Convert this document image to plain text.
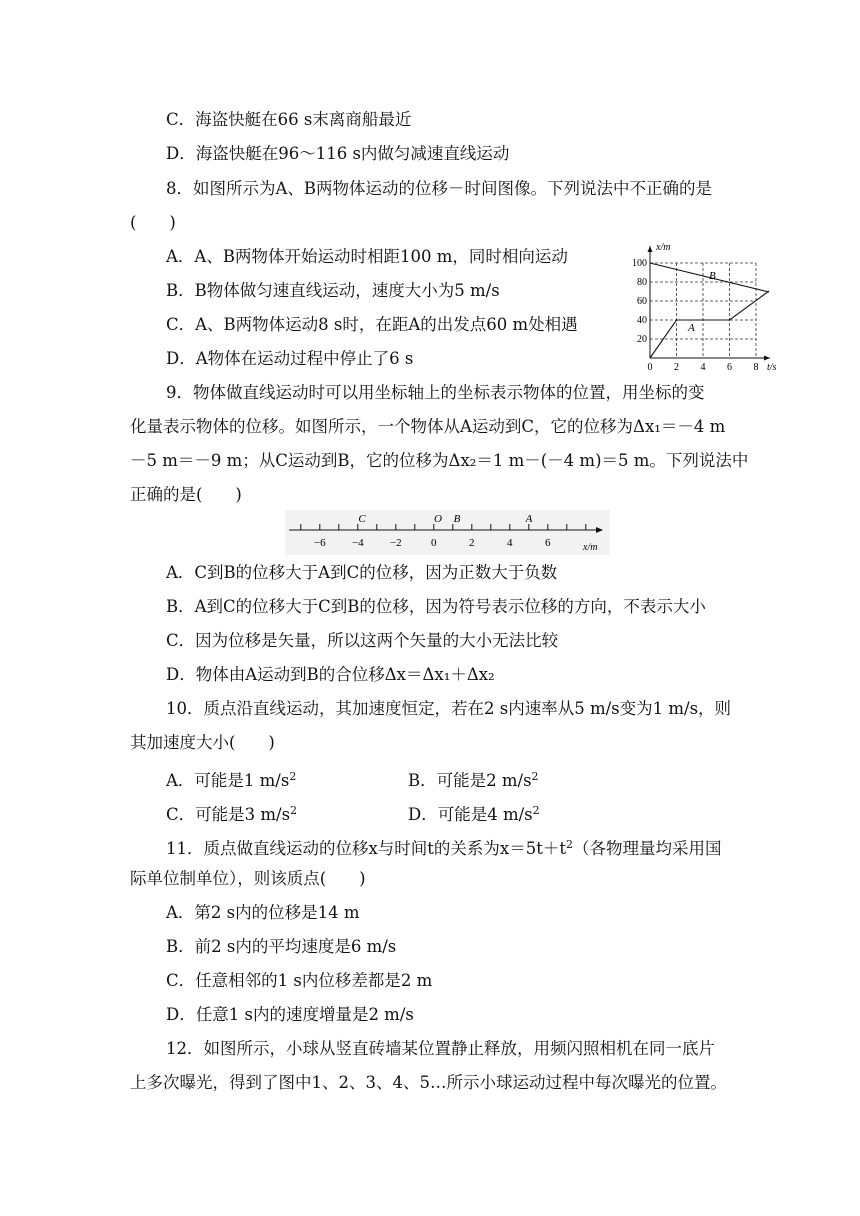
C．海盗快艇在66 s末离商船最近
D．海盗快艇在96～116 s内做匀减速直线运动
8．如图所示为A、B两物体运动的位移－时间图像。下列说法中不正确的是
(　　)
A．A、B两物体开始运动时相距100 m，同时相向运动
B．B物体做匀速直线运动，速度大小为5 m/s
C．A、B两物体运动8 s时，在距A的出发点60 m处相遇
D．A物体在运动过程中停止了6 s
x/m
t/s
0 2 4 6 8
20
40
60
80
100
B
A
9．物体做直线运动时可以用坐标轴上的坐标表示物体的位置，用坐标的变
化量表示物体的位移。如图所示，一个物体从A运动到C，它的位移为Δx₁＝－4 m
－5 m＝－9 m；从C运动到B，它的位移为Δx₂＝1 m－(－4 m)＝5 m。下列说法中
正确的是(　　)
C	O B	A
−6 −4 −2	0	2	4	6	x/m
A．C到B的位移大于A到C的位移，因为正数大于负数
B．A到C的位移大于C到B的位移，因为符号表示位移的方向，不表示大小
C．因为位移是矢量，所以这两个矢量的大小无法比较
D．物体由A运动到B的合位移Δx＝Δx₁＋Δx₂
10．质点沿直线运动，其加速度恒定，若在2 s内速率从5 m/s变为1 m/s，则
其加速度大小(　　)
A．可能是1 $m/s^2$	B．可能是2 $m/s^2$
C．可能是3 $m/s^2$	D．可能是4 $m/s^2$
11．质点做直线运动的位移x与时间t的关系为$x=5t+t^2$（各物理量均采用国
际单位制单位），则该质点(　　)
A．第2 s内的位移是14 m
B．前2 s内的平均速度是6 m/s
C．任意相邻的1 s内位移差都是2 m
D．任意1 s内的速度增量是2 m/s
12．如图所示，小球从竖直砖墙某位置静止释放，用频闪照相机在同一底片
上多次曝光，得到了图中1、2、3、4、5…所示小球运动过程中每次曝光的位置。
